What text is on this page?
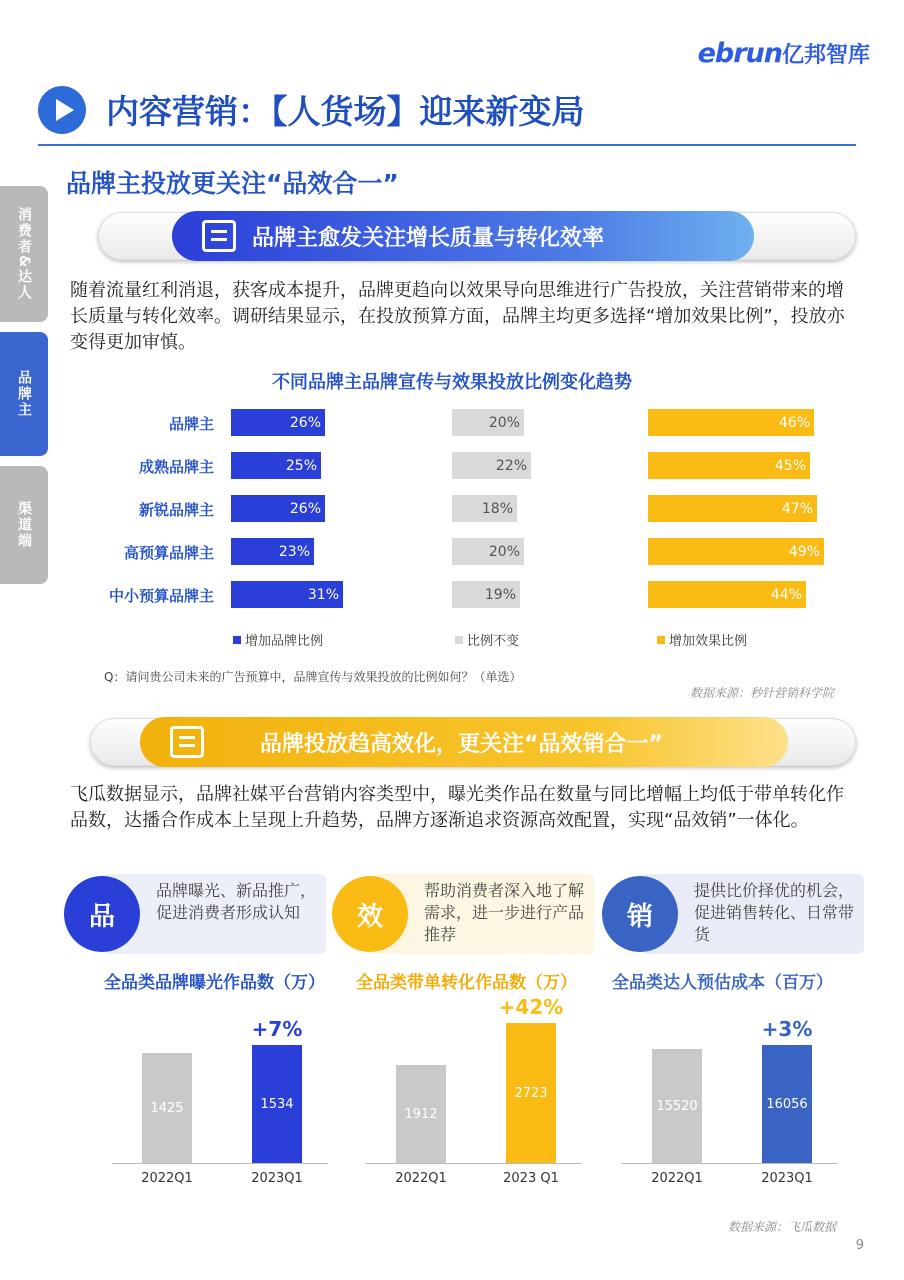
ebrun亿邦智库
内容营销：【人货场】迎来新变局
品牌主投放更关注“品效合一”
消费者&达人
品牌主
渠道端
品牌主愈发关注增长质量与转化效率
随着流量红利消退，获客成本提升，品牌更趋向以效果导向思维进行广告投放，关注营销带来的增长质量与转化效率。调研结果显示，在投放预算方面，品牌主均更多选择“增加效果比例”，投放亦变得更加审慎。
不同品牌主品牌宣传与效果投放比例变化趋势
品牌主	26%	20%	46%
成熟品牌主	25%	22%	45%
新锐品牌主	26%	18%	47%
高预算品牌主	23%	20%	49%
中小预算品牌主	31%	19%	44%
增加品牌比例	比例不变	增加效果比例
Q：请问贵公司未来的广告预算中，品牌宣传与效果投放的比例如何？（单选）
数据来源：秒针营销科学院
品牌投放趋高效化，更关注“品效销合一”
飞瓜数据显示，品牌社媒平台营销内容类型中，曝光类作品在数量与同比增幅上均低于带单转化作品数，达播合作成本上呈现上升趋势，品牌方逐渐追求资源高效配置，实现“品效销”一体化。
品
品牌曝光、新品推广，促进消费者形成认知	效
帮助消费者深入地了解需求，进一步进行产品推荐
销
提供比价择优的机会，促进销售转化、日常带货
全品类品牌曝光作品数（万）
1425
2022Q1
1534
2023Q1
+7%
全品类带单转化作品数（万）
1912
2022Q1
2723
2023 Q1
+42%
全品类达人预估成本（百万）
15520
2022Q1
16056
2023Q1
+3%
数据来源：飞瓜数据
9
